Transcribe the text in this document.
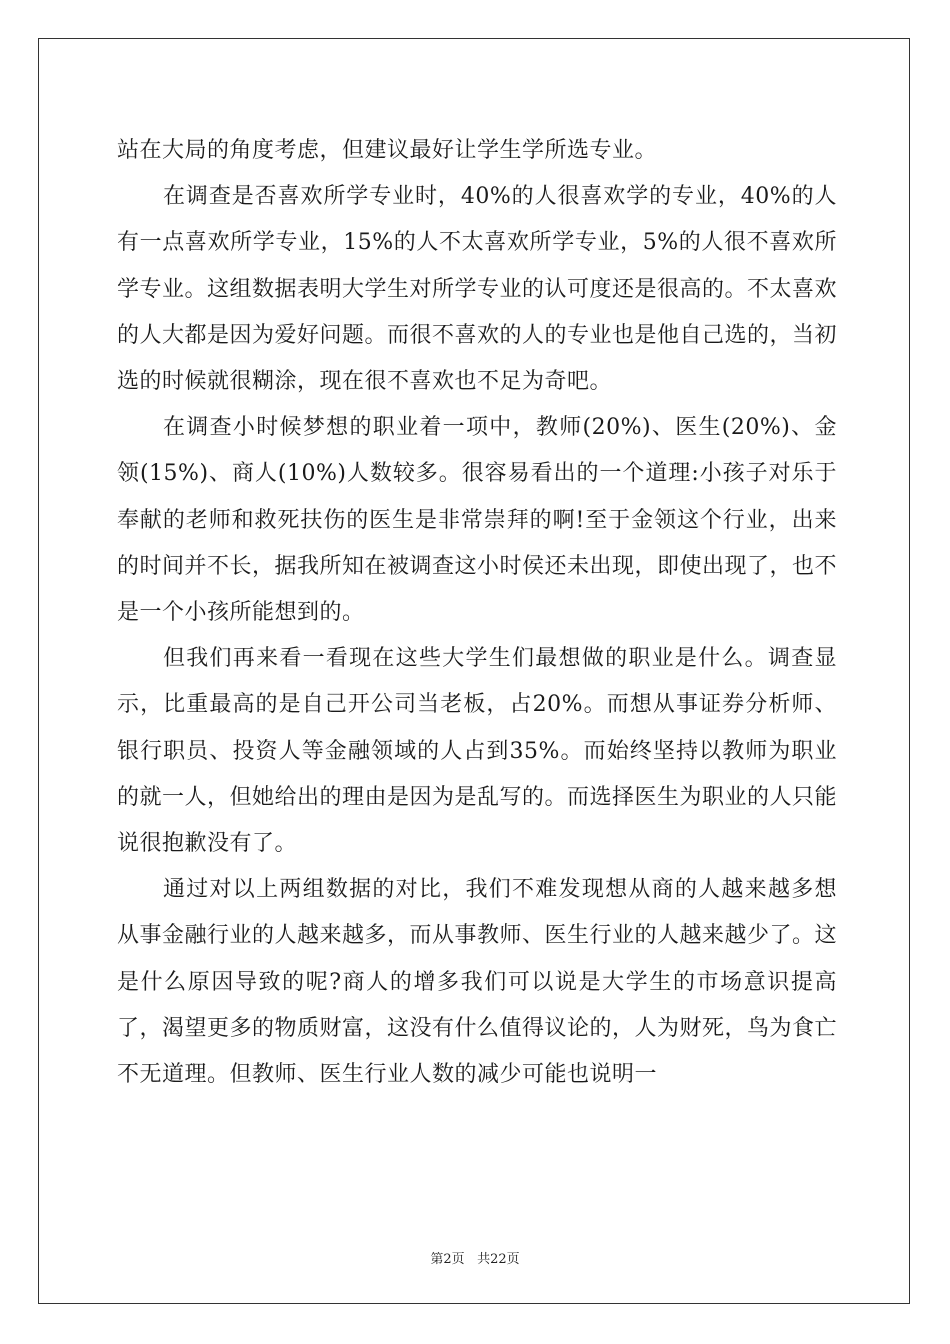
站在大局的角度考虑，但建议最好让学生学所选专业。

在调查是否喜欢所学专业时，40%的人很喜欢学的专业，40%的人有一点喜欢所学专业，15%的人不太喜欢所学专业，5%的人很不喜欢所学专业。这组数据表明大学生对所学专业的认可度还是很高的。不太喜欢的人大都是因为爱好问题。而很不喜欢的人的专业也是他自己选的，当初选的时候就很糊涂，现在很不喜欢也不足为奇吧。

在调查小时候梦想的职业着一项中，教师(20%)、医生(20%)、金领(15%)、商人(10%)人数较多。很容易看出的一个道理:小孩子对乐于奉献的老师和救死扶伤的医生是非常崇拜的啊!至于金领这个行业，出来的时间并不长，据我所知在被调查这小时侯还未出现，即使出现了，也不是一个小孩所能想到的。

但我们再来看一看现在这些大学生们最想做的职业是什么。调查显示，比重最高的是自己开公司当老板，占20%。而想从事证券分析师、银行职员、投资人等金融领域的人占到35%。而始终坚持以教师为职业的就一人，但她给出的理由是因为是乱写的。而选择医生为职业的人只能说很抱歉没有了。

通过对以上两组数据的对比，我们不难发现想从商的人越来越多想从事金融行业的人越来越多，而从事教师、医生行业的人越来越少了。这是什么原因导致的呢?商人的增多我们可以说是大学生的市场意识提高了，渴望更多的物质财富，这没有什么值得议论的，人为财死，鸟为食亡不无道理。但教师、医生行业人数的减少可能也说明一

第2页 共22页
